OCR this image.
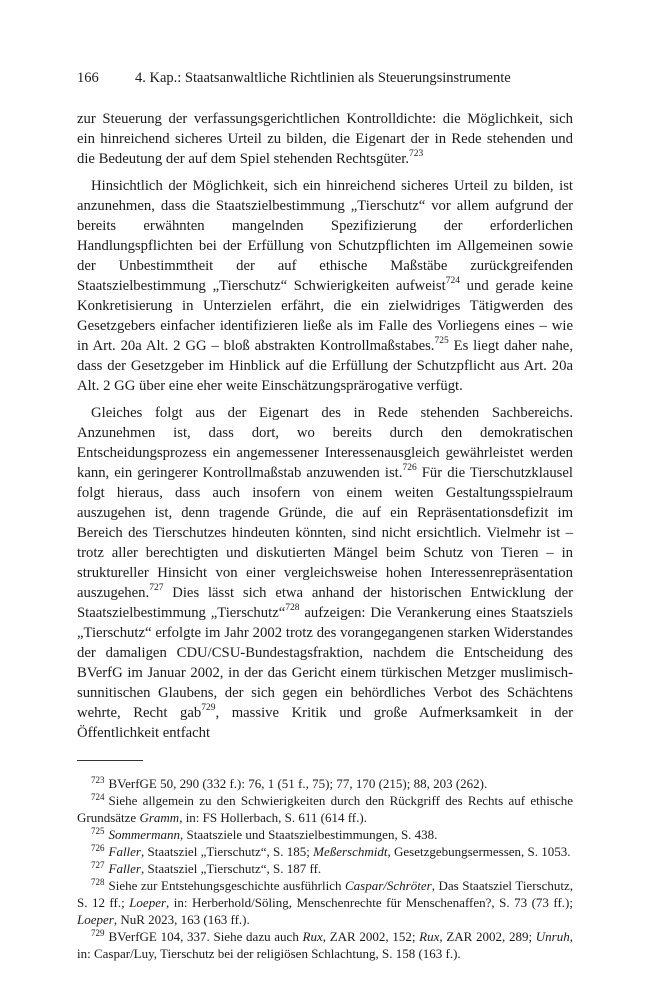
166	4. Kap.: Staatsanwaltliche Richtlinien als Steuerungsinstrumente

zur Steuerung der verfassungsgerichtlichen Kontrolldichte: die Möglichkeit, sich ein hinreichend sicheres Urteil zu bilden, die Eigenart der in Rede stehenden und die Bedeutung der auf dem Spiel stehenden Rechtsgüter.$^{723}$

Hinsichtlich der Möglichkeit, sich ein hinreichend sicheres Urteil zu bilden, ist anzunehmen, dass die Staatszielbestimmung „Tierschutz“ vor allem aufgrund der bereits erwähnten mangelnden Spezifizierung der erforderlichen Handlungspflichten bei der Erfüllung von Schutzpflichten im Allgemeinen sowie der Unbestimmtheit der auf ethische Maßstäbe zurückgreifenden Staatszielbestimmung „Tierschutz“ Schwierigkeiten aufweist$^{724}$ und gerade keine Konkretisierung in Unterzielen erfährt, die ein zielwidriges Tätigwerden des Gesetzgebers einfacher identifizieren ließe als im Falle des Vorliegens eines – wie in Art. 20a Alt. 2 GG – bloß abstrakten Kontrollmaßstabes.$^{725}$ Es liegt daher nahe, dass der Gesetzgeber im Hinblick auf die Erfüllung der Schutzpflicht aus Art. 20a Alt. 2 GG über eine eher weite Einschätzungsprärogative verfügt.

Gleiches folgt aus der Eigenart des in Rede stehenden Sachbereichs. Anzunehmen ist, dass dort, wo bereits durch den demokratischen Entscheidungsprozess ein angemessener Interessenausgleich gewährleistet werden kann, ein geringerer Kontrollmaßstab anzuwenden ist.$^{726}$ Für die Tierschutzklausel folgt hieraus, dass auch insofern von einem weiten Gestaltungsspielraum auszugehen ist, denn tragende Gründe, die auf ein Repräsentationsdefizit im Bereich des Tierschutzes hindeuten könnten, sind nicht ersichtlich. Vielmehr ist – trotz aller berechtigten und diskutierten Mängel beim Schutz von Tieren – in struktureller Hinsicht von einer vergleichsweise hohen Interessenrepräsentation auszugehen.$^{727}$ Dies lässt sich etwa anhand der historischen Entwicklung der Staatszielbestimmung „Tierschutz“$^{728}$ aufzeigen: Die Verankerung eines Staatsziels „Tierschutz“ erfolgte im Jahr 2002 trotz des vorangegangenen starken Widerstandes der damaligen CDU/CSU-Bundestagsfraktion, nachdem die Entscheidung des BVerfG im Januar 2002, in der das Gericht einem türkischen Metzger muslimisch-sunnitischen Glaubens, der sich gegen ein behördliches Verbot des Schächtens wehrte, Recht gab$^{729}$, massive Kritik und große Aufmerksamkeit in der Öffentlichkeit entfacht

$^{723}$ BVerfGE 50, 290 (332 f.): 76, 1 (51 f., 75); 77, 170 (215); 88, 203 (262).

$^{724}$ Siehe allgemein zu den Schwierigkeiten durch den Rückgriff des Rechts auf ethische Grundsätze Gramm, in: FS Hollerbach, S. 611 (614 ff.).

$^{725}$ Sommermann, Staatsziele und Staatszielbestimmungen, S. 438.

$^{726}$ Faller, Staatsziel „Tierschutz“, S. 185; Meßerschmidt, Gesetzgebungsermessen, S. 1053.

$^{727}$ Faller, Staatsziel „Tierschutz“, S. 187 ff.

$^{728}$ Siehe zur Entstehungsgeschichte ausführlich Caspar/Schröter, Das Staatsziel Tierschutz, S. 12 ff.; Loeper, in: Herberhold/Söling, Menschenrechte für Menschenaffen?, S. 73 (73 ff.); Loeper, NuR 2023, 163 (163 ff.).

$^{729}$ BVerfGE 104, 337. Siehe dazu auch Rux, ZAR 2002, 152; Rux, ZAR 2002, 289; Unruh, in: Caspar/Luy, Tierschutz bei der religiösen Schlachtung, S. 158 (163 f.).
